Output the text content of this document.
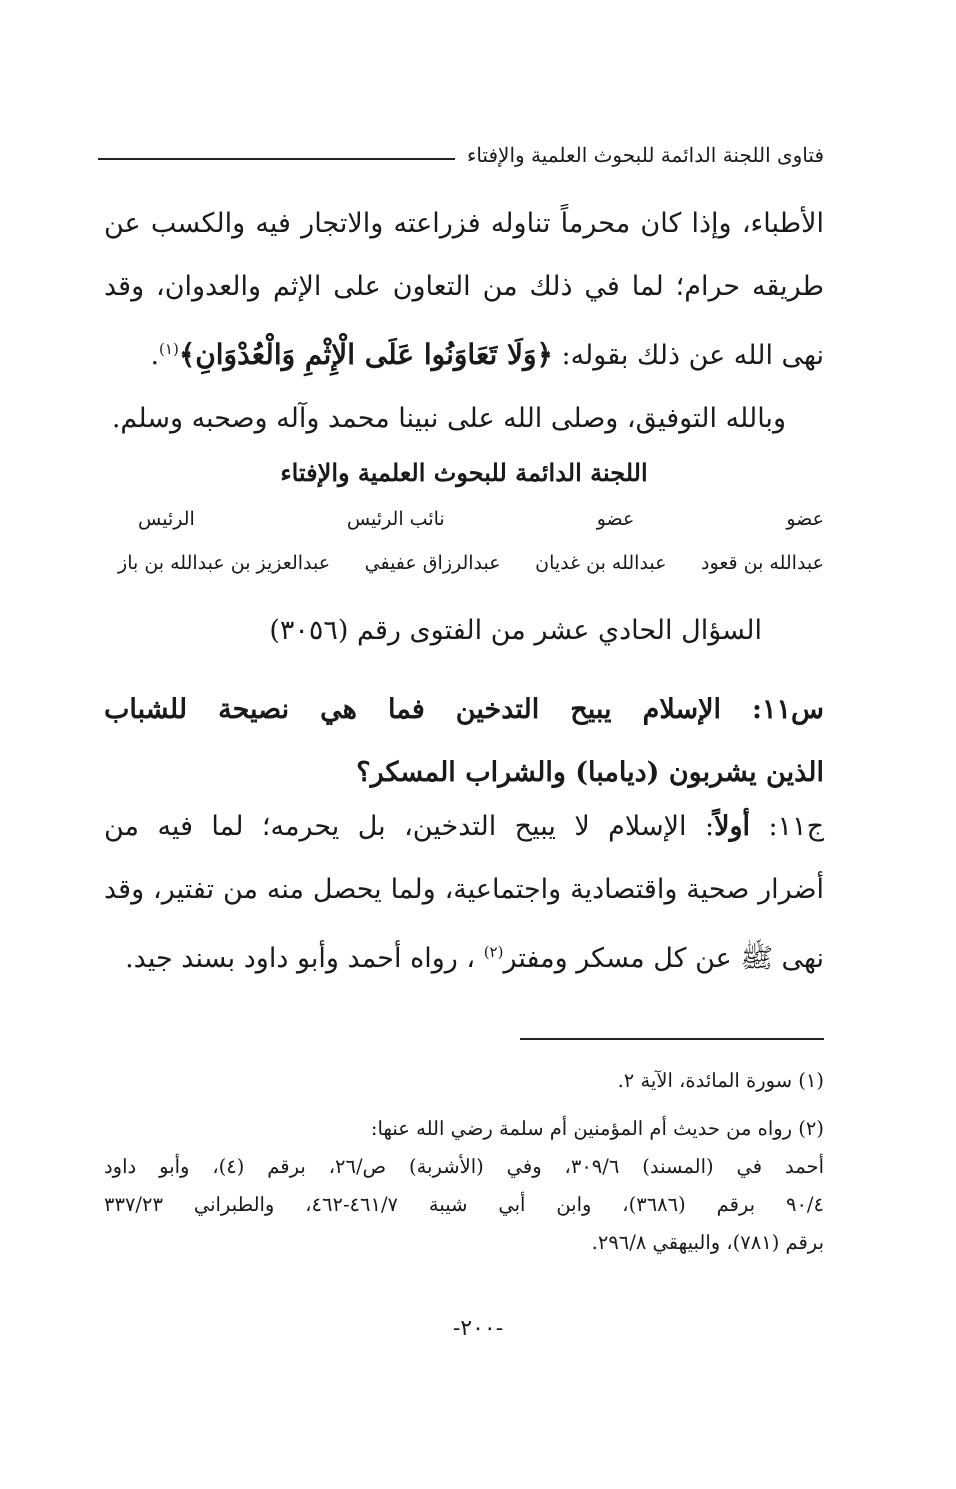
فتاوى اللجنة الدائمة للبحوث العلمية والإفتاء

الأطباء، وإذا كان محرماً تناوله فزراعته والاتجار فيه والكسب عن

طريقه حرام؛ لما في ذلك من التعاون على الإثم والعدوان، وقد

نهى الله عن ذلك بقوله: ﴿وَلَا تَعَاوَنُوا عَلَى الْإِثْمِ وَالْعُدْوَانِ﴾$^{(١)}$.

وبالله التوفيق، وصلى الله على نبينا محمد وآله وصحبه وسلم.

اللجنة الدائمة للبحوث العلمية والإفتاء
عضو
عضو
نائب الرئيس
الرئيس
عبدالله بن قعود
عبدالله بن غديان
عبدالرزاق عفيفي
عبدالعزيز بن عبدالله بن باز
السؤال الحادي عشر من الفتوى رقم (٣٠٥٦)
س١١: الإسلام يبيح التدخين فما هي نصيحة للشباب
الذين يشربون (ديامبا) والشراب المسكر؟

ج١١: أولاً: الإسلام لا يبيح التدخين، بل يحرمه؛ لما فيه من

أضرار صحية واقتصادية واجتماعية، ولما يحصل منه من تفتير، وقد

نهى ﷺ عن كل مسكر ومفتر$^{(٢)}$ ، رواه أحمد وأبو داود بسند جيد.

(١) سورة المائدة، الآية ٢.

(٢) رواه من حديث أم المؤمنين أم سلمة رضي الله عنها:

أحمد في (المسند) ٣٠٩/٦، وفي (الأشربة) ص/٢٦، برقم (٤)، وأبو داود

٩٠/٤ برقم (٣٦٨٦)، وابن أبي شيبة ٤٦١/٧-٤٦٢، والطبراني ٣٣٧/٢٣

برقم (٧٨١)، والبيهقي ٢٩٦/٨.

-٢٠٠-
